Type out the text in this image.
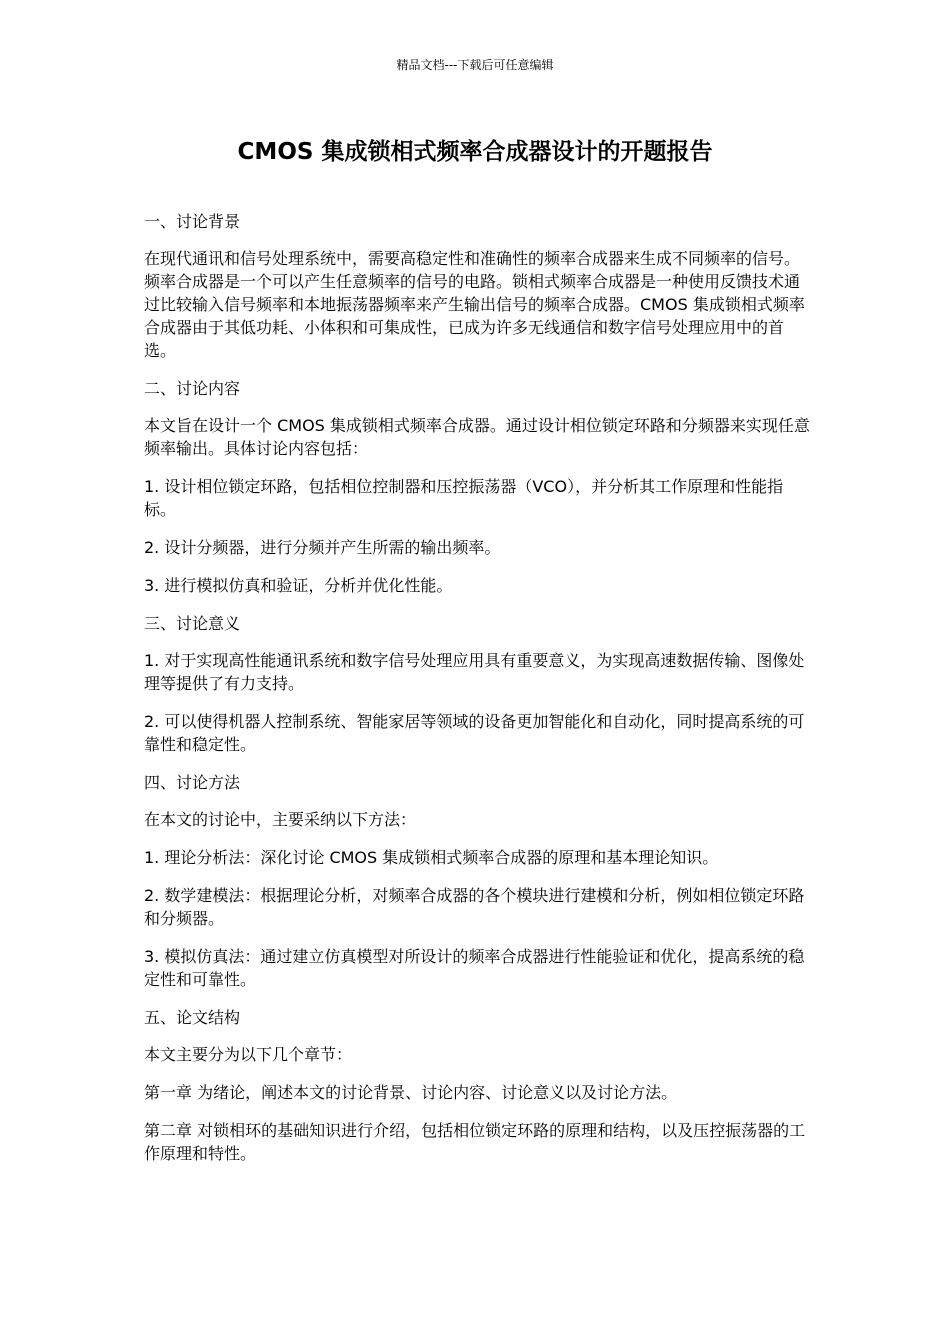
精品文档---下载后可任意编辑
CMOS 集成锁相式频率合成器设计的开题报告

一、讨论背景

在现代通讯和信号处理系统中，需要高稳定性和准确性的频率合成器来生成不同频率的信号。频率合成器是一个可以产生任意频率的信号的电路。锁相式频率合成器是一种使用反馈技术通过比较输入信号频率和本地振荡器频率来产生输出信号的频率合成器。CMOS 集成锁相式频率合成器由于其低功耗、小体积和可集成性，已成为许多无线通信和数字信号处理应用中的首选。

二、讨论内容

本文旨在设计一个 CMOS 集成锁相式频率合成器。通过设计相位锁定环路和分频器来实现任意频率输出。具体讨论内容包括：

1. 设计相位锁定环路，包括相位控制器和压控振荡器（VCO），并分析其工作原理和性能指标。

2. 设计分频器，进行分频并产生所需的输出频率。

3. 进行模拟仿真和验证，分析并优化性能。

三、讨论意义

1. 对于实现高性能通讯系统和数字信号处理应用具有重要意义，为实现高速数据传输、图像处理等提供了有力支持。

2. 可以使得机器人控制系统、智能家居等领域的设备更加智能化和自动化，同时提高系统的可靠性和稳定性。

四、讨论方法

在本文的讨论中，主要采纳以下方法：

1. 理论分析法：深化讨论 CMOS 集成锁相式频率合成器的原理和基本理论知识。

2. 数学建模法：根据理论分析，对频率合成器的各个模块进行建模和分析，例如相位锁定环路和分频器。

3. 模拟仿真法：通过建立仿真模型对所设计的频率合成器进行性能验证和优化，提高系统的稳定性和可靠性。

五、论文结构

本文主要分为以下几个章节：

第一章 为绪论，阐述本文的讨论背景、讨论内容、讨论意义以及讨论方法。

第二章 对锁相环的基础知识进行介绍，包括相位锁定环路的原理和结构，以及压控振荡器的工作原理和特性。
